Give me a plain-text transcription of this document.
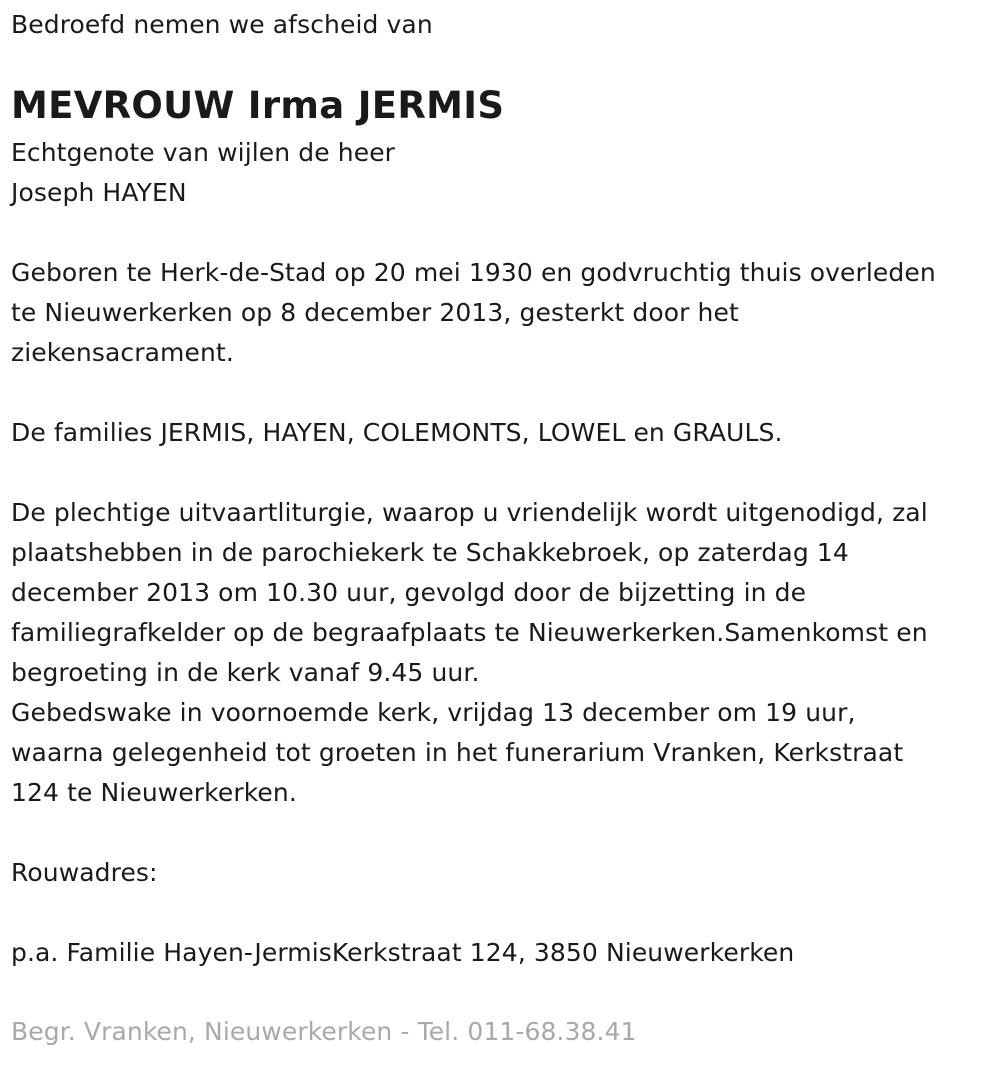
Bedroefd nemen we afscheid van
MEVROUW Irma JERMIS
Echtgenote van wijlen de heer
Joseph HAYEN
Geboren te Herk-de-Stad op 20 mei 1930 en godvruchtig thuis overleden
te Nieuwerkerken op 8 december 2013, gesterkt door het
ziekensacrament.
De families JERMIS, HAYEN, COLEMONTS, LOWEL en GRAULS.
De plechtige uitvaartliturgie, waarop u vriendelijk wordt uitgenodigd, zal
plaatshebben in de parochiekerk te Schakkebroek, op zaterdag 14
december 2013 om 10.30 uur, gevolgd door de bijzetting in de
familiegrafkelder op de begraafplaats te Nieuwerkerken.Samenkomst en
begroeting in de kerk vanaf 9.45 uur.
Gebedswake in voornoemde kerk, vrijdag 13 december om 19 uur,
waarna gelegenheid tot groeten in het funerarium Vranken, Kerkstraat
124 te Nieuwerkerken.
Rouwadres:
p.a. Familie Hayen-JermisKerkstraat 124, 3850 Nieuwerkerken
Begr. Vranken, Nieuwerkerken - Tel. 011-68.38.41
